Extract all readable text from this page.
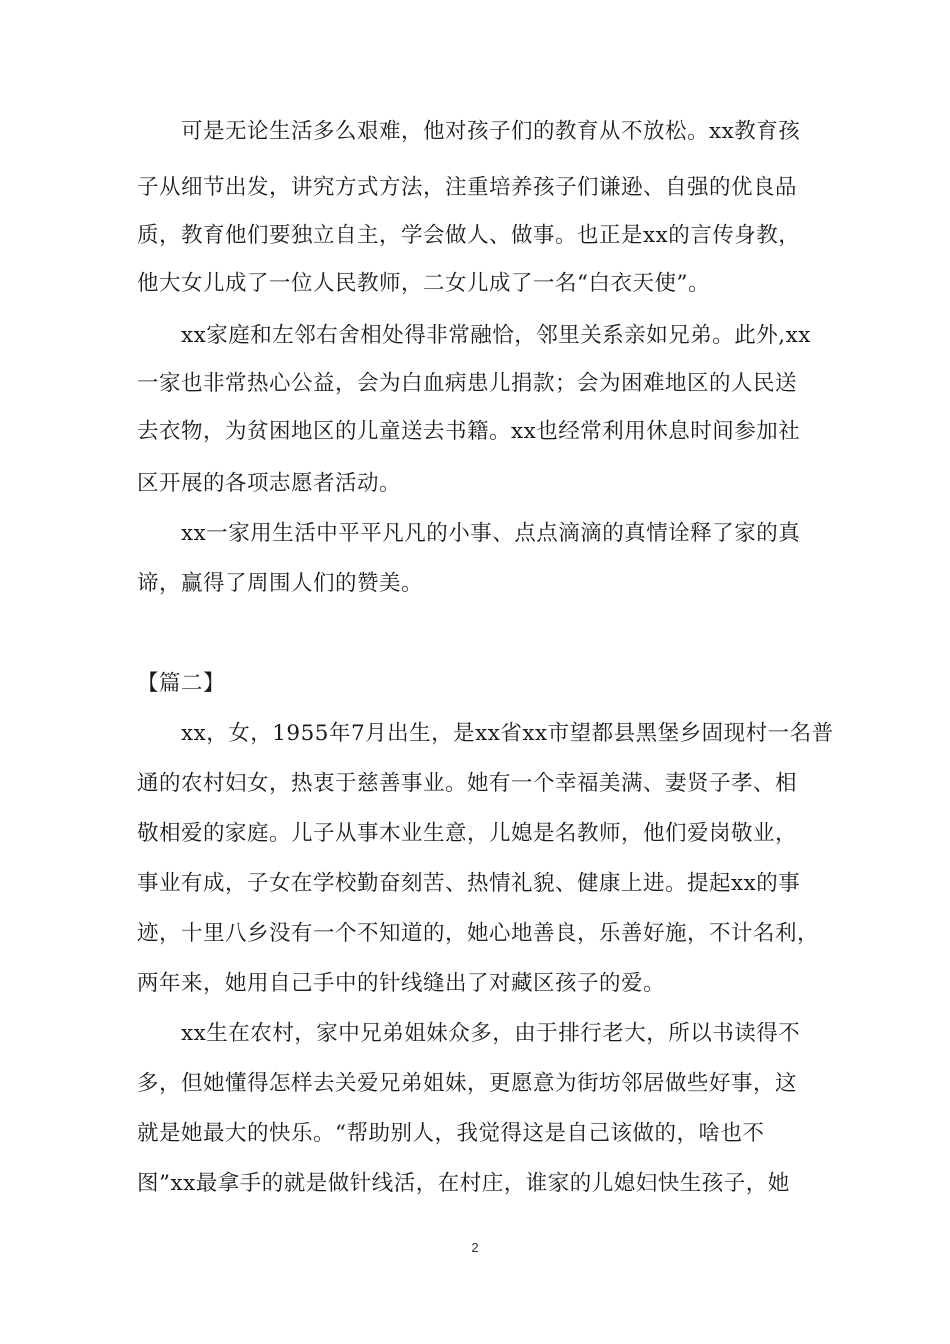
可是无论生活多么艰难，他对孩子们的教育从不放松。xx教育孩
子从细节出发，讲究方式方法，注重培养孩子们谦逊、自强的优良品
质，教育他们要独立自主，学会做人、做事。也正是xx的言传身教，
他大女儿成了一位人民教师，二女儿成了一名“白衣天使”。
xx家庭和左邻右舍相处得非常融恰，邻里关系亲如兄弟。此外,xx
一家也非常热心公益，会为白血病患儿捐款；会为困难地区的人民送
去衣物，为贫困地区的儿童送去书籍。xx也经常利用休息时间参加社
区开展的各项志愿者活动。
xx一家用生活中平平凡凡的小事、点点滴滴的真情诠释了家的真
谛，赢得了周围人们的赞美。
【篇二】
xx，女，1955年7月出生，是xx省xx市望都县黑堡乡固现村一名普
通的农村妇女，热衷于慈善事业。她有一个幸福美满、妻贤子孝、相
敬相爱的家庭。儿子从事木业生意，儿媳是名教师，他们爱岗敬业，
事业有成，子女在学校勤奋刻苦、热情礼貌、健康上进。提起xx的事
迹，十里八乡没有一个不知道的，她心地善良，乐善好施，不计名利，
两年来，她用自己手中的针线缝出了对藏区孩子的爱。
xx生在农村，家中兄弟姐妹众多，由于排行老大，所以书读得不
多，但她懂得怎样去关爱兄弟姐妹，更愿意为街坊邻居做些好事，这
就是她最大的快乐。“帮助别人，我觉得这是自己该做的，啥也不
图”xx最拿手的就是做针线活，在村庄，谁家的儿媳妇快生孩子，她
2
